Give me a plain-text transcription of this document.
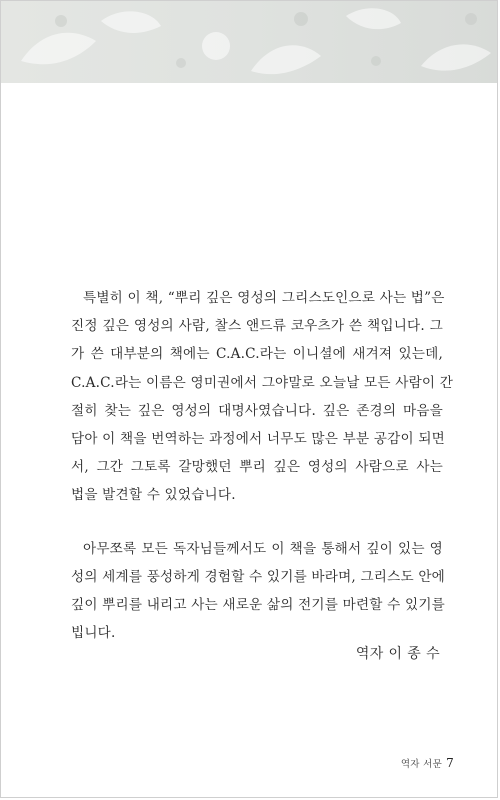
특별히 이 책, “뿌리 깊은 영성의 그리스도인으로 사는 법”은
진정 깊은 영성의 사람, 찰스 앤드류 코우츠가 쓴 책입니다. 그
가 쓴 대부분의 책에는 C.A.C.라는 이니셜에 새겨져 있는데,
C.A.C.라는 이름은 영미권에서 그야말로 오늘날 모든 사람이 간
절히 찾는 깊은 영성의 대명사였습니다. 깊은 존경의 마음을
담아 이 책을 번역하는 과정에서 너무도 많은 부분 공감이 되면
서, 그간 그토록 갈망했던 뿌리 깊은 영성의 사람으로 사는
법을 발견할 수 있었습니다.

아무쪼록 모든 독자님들께서도 이 책을 통해서 깊이 있는 영
성의 세계를 풍성하게 경험할 수 있기를 바라며, 그리스도 안에
깊이 뿌리를 내리고 사는 새로운 삶의 전기를 마련할 수 있기를
빕니다.

역자 이 종 수
역자 서문 7
